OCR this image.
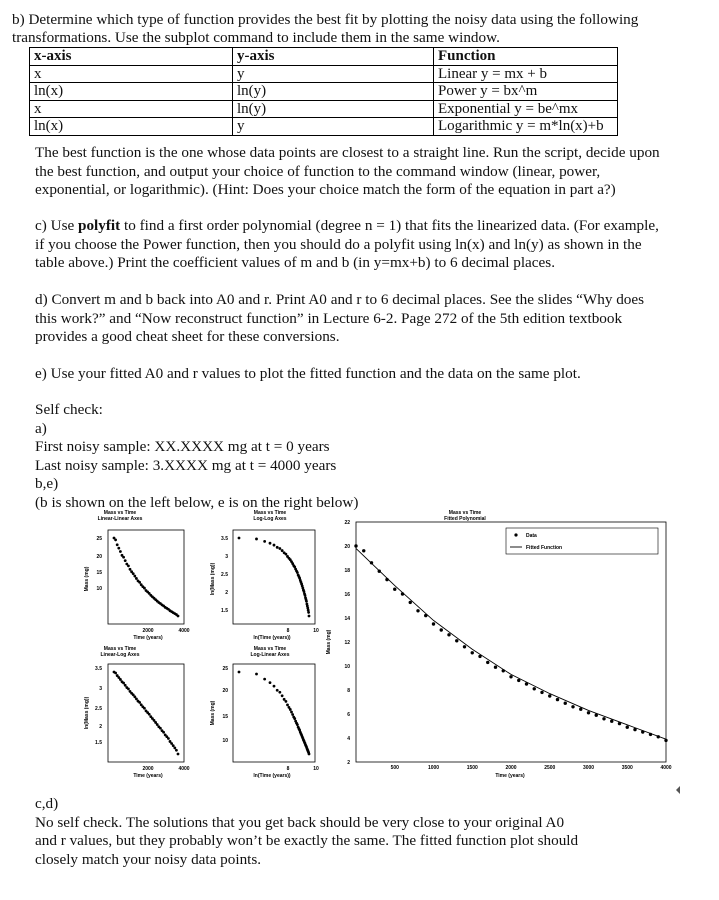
b) Determine which type of function provides the best fit by plotting the noisy data using the following
transformations. Use the subplot command to include them in the same window.
x-axis	y-axis	Function
x	y	Linear y = mx + b
ln(x)	ln(y)	Power y = bx^m
x	ln(y)	Exponential y = be^mx
ln(x)	y	Logarithmic y = m*ln(x)+b
The best function is the one whose data points are closest to a straight line. Run the script, decide upon
the best function, and output your choice of function to the command window (linear, power,
exponential, or logarithmic). (Hint: Does your choice match the form of the equation in part a?)
c) Use polyfit to find a first order polynomial (degree n = 1) that fits the linearized data. (For example,
if you choose the Power function, then you should do a polyfit using ln(x) and ln(y) as shown in the
table above.) Print the coefficient values of m and b (in y=mx+b) to 6 decimal places.
d) Convert m and b back into A0 and r. Print A0 and r to 6 decimal places. See the slides “Why does
this work?” and “Now reconstruct function” in Lecture 6-2. Page 272 of the 5th edition textbook
provides a good cheat sheet for these conversions.
e) Use your fitted A0 and r values to plot the fitted function and the data on the same plot.
Self check:
a)
First noisy sample: XX.XXXX mg at t = 0 years
Last noisy sample: 3.XXXX mg at t = 4000 years
b,e)
(b is shown on the left below, e is on the right below)
Mass vs Time
Linear-Linear Axes
Mass (mg)
25
20
15
10
2000	4000
Time (years)
Mass vs Time
Log-Log Axes
ln(Mass (mg))
3.5
3
2.5
2
1.5
8	10
ln(Time (years))
Mass vs Time
Linear-Log Axes
ln(Mass (mg))
3.5
3
2.5
2
1.5
2000	4000
Time (years)
Mass vs Time
Log-Linear Axes
Mass (mg)
25
20
15
10
8	10
ln(Time (years))
Mass vs Time
Fitted Polynomial
Mass (mg)
Time (years)
22
20
18
16
14
12
10
8
6
4
2
500	1000	1500	2000	2500	3000	3500	4000
Data
Fitted Function
c,d)
No self check. The solutions that you get back should be very close to your original A0
and r values, but they probably won’t be exactly the same. The fitted function plot should
closely match your noisy data points.
